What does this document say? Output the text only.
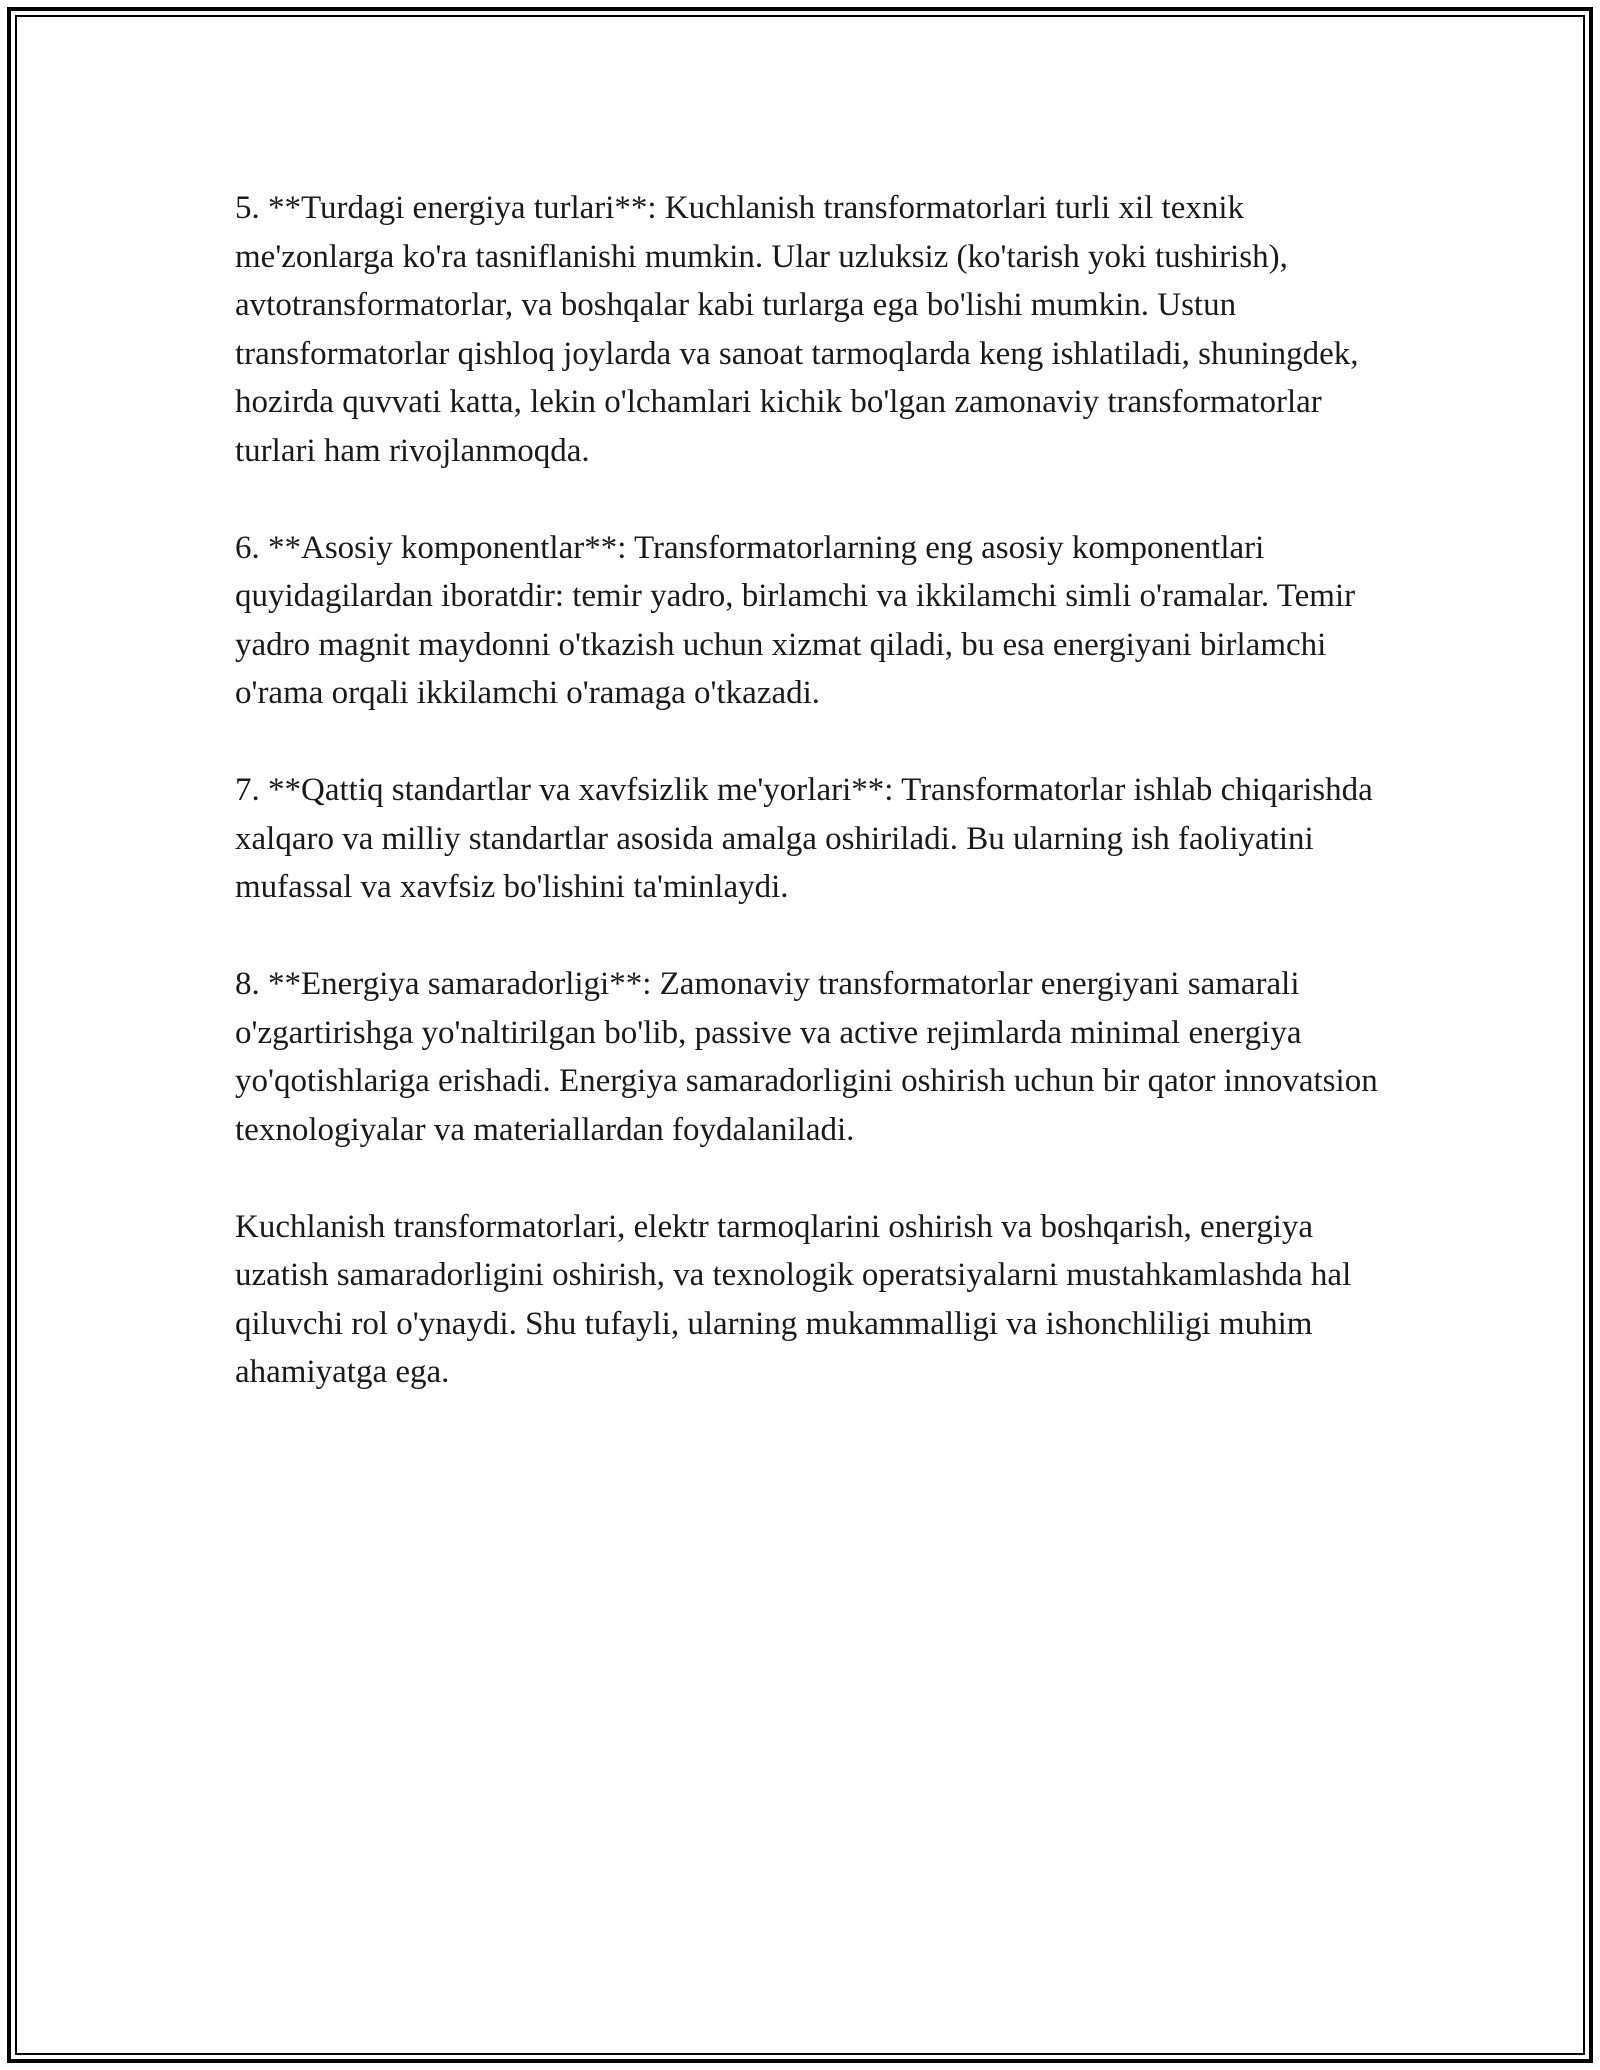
5. **Turdagi energiya turlari**: Kuchlanish transformatorlari turli xil texnik me'zonlarga ko'ra tasniflanishi mumkin. Ular uzluksiz (ko'tarish yoki tushirish), avtotransformatorlar, va boshqalar kabi turlarga ega bo'lishi mumkin. Ustun transformatorlar qishloq joylarda va sanoat tarmoqlarda keng ishlatiladi, shuningdek, hozirda quvvati katta, lekin o'lchamlari kichik bo'lgan zamonaviy transformatorlar turlari ham rivojlanmoqda.

6. **Asosiy komponentlar**: Transformatorlarning eng asosiy komponentlari quyidagilardan iboratdir: temir yadro, birlamchi va ikkilamchi simli o'ramalar. Temir yadro magnit maydonni o'tkazish uchun xizmat qiladi, bu esa energiyani birlamchi o'rama orqali ikkilamchi o'ramaga o'tkazadi.

7. **Qattiq standartlar va xavfsizlik me'yorlari**: Transformatorlar ishlab chiqarishda xalqaro va milliy standartlar asosida amalga oshiriladi. Bu ularning ish faoliyatini mufassal va xavfsiz bo'lishini ta'minlaydi.

8. **Energiya samaradorligi**: Zamonaviy transformatorlar energiyani samarali o'zgartirishga yo'naltirilgan bo'lib, passive va active rejimlarda minimal energiya yo'qotishlariga erishadi. Energiya samaradorligini oshirish uchun bir qator innovatsion texnologiyalar va materiallardan foydalaniladi.

Kuchlanish transformatorlari, elektr tarmoqlarini oshirish va boshqarish, energiya uzatish samaradorligini oshirish, va texnologik operatsiyalarni mustahkamlashda hal qiluvchi rol o'ynaydi. Shu tufayli, ularning mukammalligi va ishonchliligi muhim ahamiyatga ega.
